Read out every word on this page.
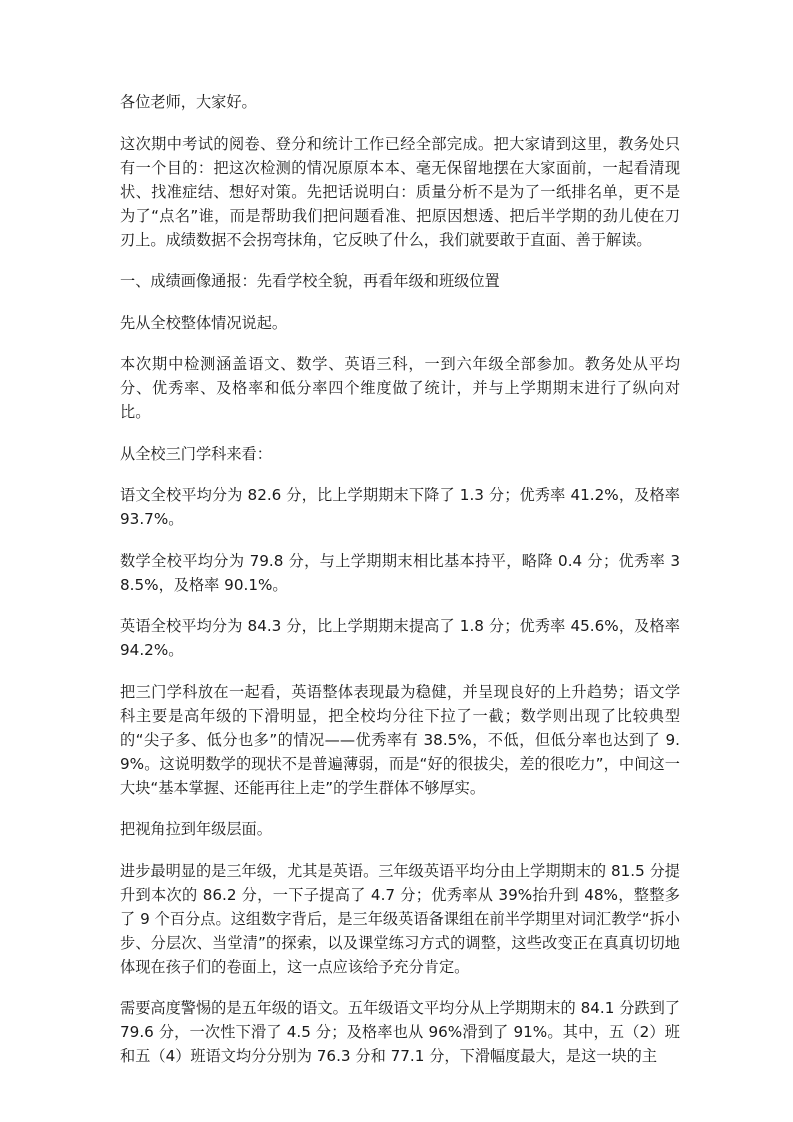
各位老师，大家好。

这次期中考试的阅卷、登分和统计工作已经全部完成。把大家请到这里，教务处只有一个目的：把这次检测的情况原原本本、毫无保留地摆在大家面前，一起看清现状、找准症结、想好对策。先把话说明白：质量分析不是为了一纸排名单，更不是为了“点名”谁，而是帮助我们把问题看准、把原因想透、把后半学期的劲儿使在刀刃上。成绩数据不会拐弯抹角，它反映了什么，我们就要敢于直面、善于解读。

一、成绩画像通报：先看学校全貌，再看年级和班级位置

先从全校整体情况说起。

本次期中检测涵盖语文、数学、英语三科，一到六年级全部参加。教务处从平均分、优秀率、及格率和低分率四个维度做了统计，并与上学期期末进行了纵向对比。

从全校三门学科来看：

语文全校平均分为 82.6 分，比上学期期末下降了 1.3 分；优秀率 41.2%，及格率 93.7%。

数学全校平均分为 79.8 分，与上学期期末相比基本持平，略降 0.4 分；优秀率 38.5%，及格率 90.1%。

英语全校平均分为 84.3 分，比上学期期末提高了 1.8 分；优秀率 45.6%，及格率 94.2%。

把三门学科放在一起看，英语整体表现最为稳健，并呈现良好的上升趋势；语文学科主要是高年级的下滑明显，把全校均分往下拉了一截；数学则出现了比较典型的“尖子多、低分也多”的情况——优秀率有 38.5%，不低，但低分率也达到了 9.9%。这说明数学的现状不是普遍薄弱，而是“好的很拔尖，差的很吃力”，中间这一大块“基本掌握、还能再往上走”的学生群体不够厚实。

把视角拉到年级层面。

进步最明显的是三年级，尤其是英语。三年级英语平均分由上学期期末的 81.5 分提升到本次的 86.2 分，一下子提高了 4.7 分；优秀率从 39%抬升到 48%，整整多了 9 个百分点。这组数字背后，是三年级英语备课组在前半学期里对词汇教学“拆小步、分层次、当堂清”的探索，以及课堂练习方式的调整，这些改变正在真真切切地体现在孩子们的卷面上，这一点应该给予充分肯定。

需要高度警惕的是五年级的语文。五年级语文平均分从上学期期末的 84.1 分跌到了 79.6 分，一次性下滑了 4.5 分；及格率也从 96%滑到了 91%。其中，五（2）班和五（4）班语文均分分别为 76.3 分和 77.1 分，下滑幅度最大，是这一块的主
